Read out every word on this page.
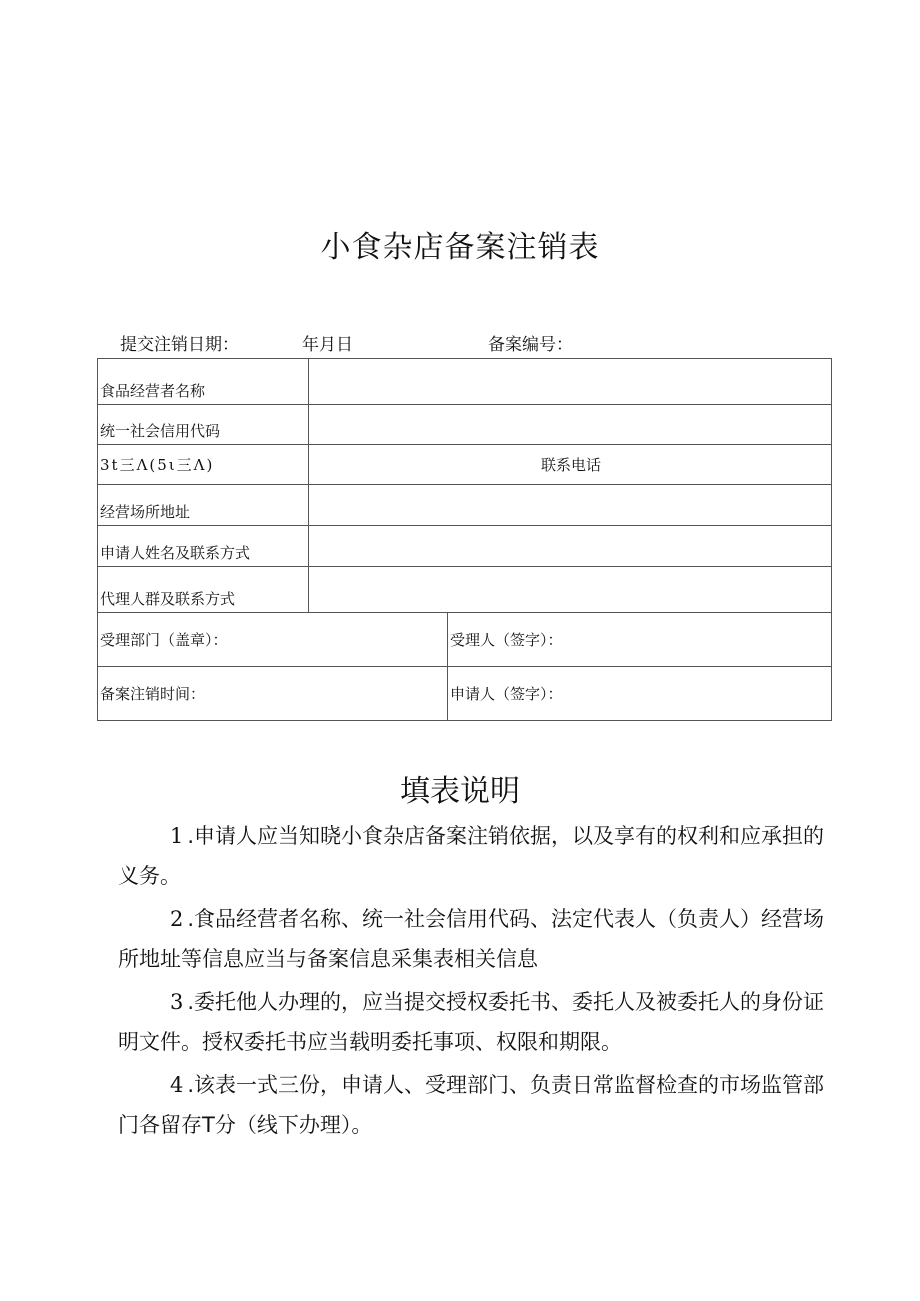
小食杂店备案注销表
提交注销日期：	年月日	备案编号：
食品经营者名称		
统一社会信用代码		
3t三Λ(5ι三Λ)	联系电话	
经营场所地址		
申请人姓名及联系方式		
代理人群及联系方式		
受理部门（盖章）：		受理人（签字）：
备案注销时间：		申请人（签字）：
填表说明

1 .申请人应当知晓小食杂店备案注销依据，以及享有的权利和应承担的义务。

2 .食品经营者名称、统一社会信用代码、法定代表人（负责人）经营场所地址等信息应当与备案信息采集表相关信息

3 .委托他人办理的，应当提交授权委托书、委托人及被委托人的身份证明文件。授权委托书应当载明委托事项、权限和期限。

4 .该表一式三份，申请人、受理部门、负责日常监督检查的市场监管部门各留存T分（线下办理）。
